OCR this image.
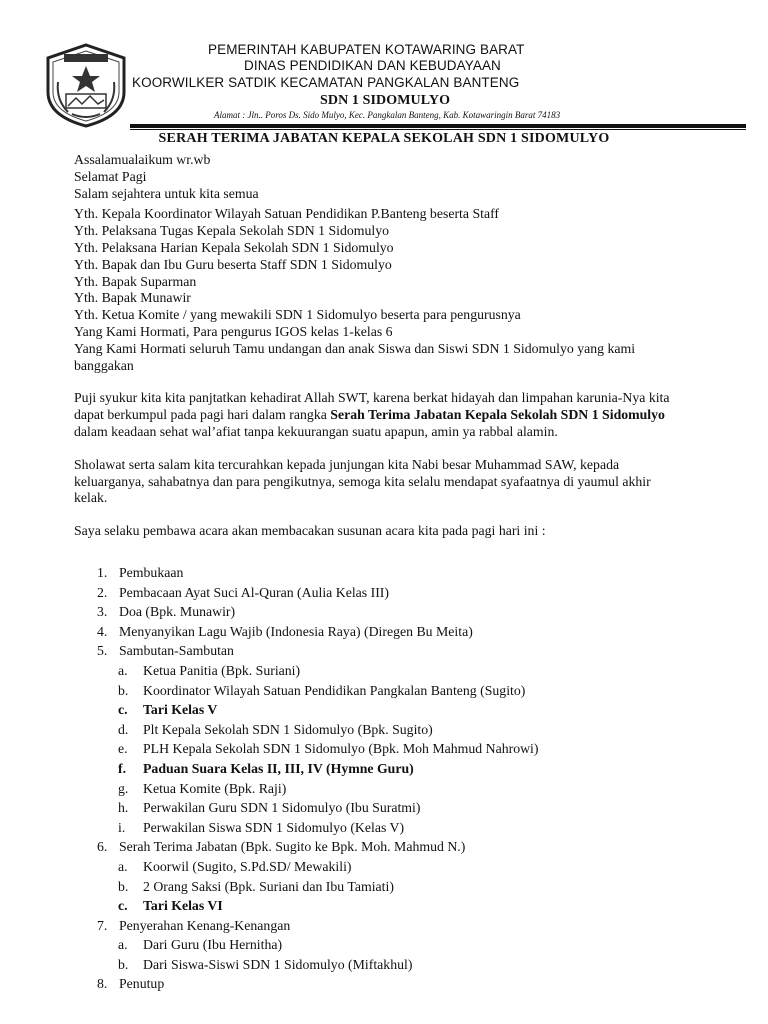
PEMERINTAH KABUPATEN KOTAWARING BARAT
DINAS PENDIDIKAN DAN KEBUDAYAAN
KOORWILKER SATDIK KECAMATAN PANGKALAN BANTENG
SDN 1 SIDOMULYO
Alamat : Jln.. Poros Ds. Sido Mulyo, Kec. Pangkalan Banteng, Kab. Kotawaringin Barat 74183
SERAH TERIMA JABATAN KEPALA SEKOLAH SDN 1 SIDOMULYO

Assalamualaikum wr.wb

Selamat Pagi

Salam sejahtera untuk kita semua

Yth. Kepala Koordinator Wilayah Satuan Pendidikan P.Banteng beserta Staff

Yth. Pelaksana Tugas Kepala Sekolah SDN 1 Sidomulyo

Yth. Pelaksana Harian Kepala Sekolah SDN 1 Sidomulyo

Yth. Bapak dan Ibu Guru beserta Staff SDN 1 Sidomulyo

Yth. Bapak Suparman

Yth. Bapak Munawir

Yth. Ketua Komite / yang mewakili SDN 1 Sidomulyo beserta para pengurusnya

Yang Kami Hormati, Para pengurus IGOS kelas 1-kelas 6

Yang Kami Hormati seluruh Tamu undangan dan anak Siswa dan Siswi SDN 1 Sidomulyo yang kami banggakan

Puji syukur kita kita panjtatkan kehadirat Allah SWT, karena berkat hidayah dan limpahan karunia-Nya kita dapat berkumpul pada pagi hari dalam rangka Serah Terima Jabatan Kepala Sekolah SDN 1 Sidomulyo dalam keadaan sehat wal’afiat tanpa kekuurangan suatu apapun, amin ya rabbal alamin.

Sholawat serta salam kita tercurahkan kepada junjungan kita Nabi besar Muhammad SAW, kepada keluarganya, sahabatnya dan para pengikutnya, semoga kita selalu mendapat syafaatnya di yaumul akhir kelak.

Saya selaku pembawa acara akan membacakan susunan acara kita pada pagi hari ini :

1. Pembukaan
2. Pembacaan Ayat Suci Al-Quran (Aulia Kelas III)
3. Doa (Bpk. Munawir)
4. Menyanyikan Lagu Wajib (Indonesia Raya) (Diregen Bu Meita)
5. Sambutan-Sambutan
a. Ketua Panitia (Bpk. Suriani)
b. Koordinator Wilayah Satuan Pendidikan Pangkalan Banteng (Sugito)
c. Tari Kelas V
d. Plt Kepala Sekolah SDN 1 Sidomulyo (Bpk. Sugito)
e. PLH Kepala Sekolah SDN 1 Sidomulyo (Bpk. Moh Mahmud Nahrowi)
f. Paduan Suara Kelas II, III, IV (Hymne Guru)
g. Ketua Komite (Bpk. Raji)
h. Perwakilan Guru SDN 1 Sidomulyo (Ibu Suratmi)
i. Perwakilan Siswa SDN 1 Sidomulyo (Kelas V)
6. Serah Terima Jabatan (Bpk. Sugito ke Bpk. Moh. Mahmud N.)
a. Koorwil (Sugito, S.Pd.SD/ Mewakili)
b. 2 Orang Saksi (Bpk. Suriani dan Ibu Tamiati)
c. Tari Kelas VI
7. Penyerahan Kenang-Kenangan
a. Dari Guru (Ibu Hernitha)
b. Dari Siswa-Siswi SDN 1 Sidomulyo (Miftakhul)
8. Penutup
